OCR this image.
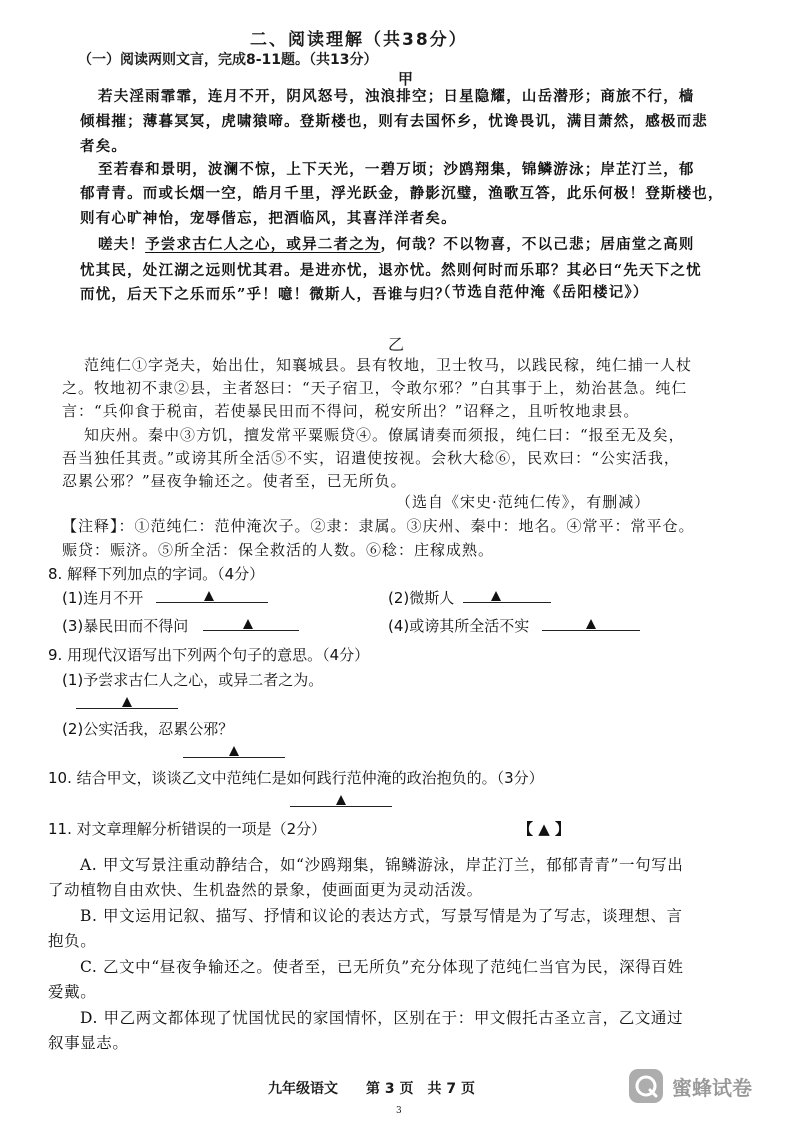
二、阅读理解（共38分）
（一）阅读两则文言，完成8-11题。（共13分）
甲
若夫淫雨霏霏，连月不开，阴风怒号，浊浪排空；日星隐耀，山岳潜形；商旅不行，樯
倾楫摧；薄暮冥冥，虎啸猿啼。登斯楼也，则有去国怀乡，忧谗畏讥，满目萧然，感极而悲
者矣。
至若春和景明，波澜不惊，上下天光，一碧万顷；沙鸥翔集，锦鳞游泳；岸芷汀兰，郁
郁青青。而或长烟一空，皓月千里，浮光跃金，静影沉璧，渔歌互答，此乐何极！登斯楼也，
则有心旷神怡，宠辱偕忘，把酒临风，其喜洋洋者矣。
嗟夫！予尝求古仁人之心，或异二者之为，何哉？不以物喜，不以己悲；居庙堂之高则
忧其民，处江湖之远则忧其君。是进亦忧，退亦忧。然则何时而乐耶？其必曰“先天下之忧
而忧，后天下之乐而乐”乎！噫！微斯人，吾谁与归？
（节选自范仲淹《岳阳楼记》）
乙
范纯仁①字尧夫，始出仕，知襄城县。县有牧地，卫士牧马，以践民稼，纯仁捕一人杖
之。牧地初不隶②县，主者怒曰：“天子宿卫，令敢尔邪？”白其事于上，劾治甚急。纯仁
言：“兵仰食于税亩，若使暴民田而不得问，税安所出？”诏释之，且听牧地隶县。
知庆州。秦中③方饥，擅发常平粟赈贷④。僚属请奏而须报，纯仁曰：“报至无及矣，
吾当独任其责。”或谤其所全活⑤不实，诏遣使按视。会秋大稔⑥，民欢曰：“公实活我，
忍累公邪？”昼夜争输还之。使者至，已无所负。
（选自《宋史·范纯仁传》，有删减）
【注释】：①范纯仁：范仲淹次子。②隶：隶属。③庆州、秦中：地名。④常平：常平仓。
赈贷：赈济。⑤所全活：保全救活的人数。⑥稔：庄稼成熟。
8. 解释下列加点的字词。（4分）
(1)连月不开	(2)微斯人
(3)暴民田而不得问	(4)或谤其所全活不实
9. 用现代汉语写出下列两个句子的意思。（4分）
(1)予尝求古仁人之心，或异二者之为。

(2)公实活我，忍累公邪？

10. 结合甲文，谈谈乙文中范纯仁是如何践行范仲淹的政治抱负的。（3分）
11. 对文章理解分析错误的一项是（2分）	【 ▲ 】
A. 甲文写景注重动静结合，如“沙鸥翔集，锦鳞游泳，岸芷汀兰，郁郁青青”一句写出
了动植物自由欢快、生机盎然的景象，使画面更为灵动活泼。
B. 甲文运用记叙、描写、抒情和议论的表达方式，写景写情是为了写志，谈理想、言
抱负。
C. 乙文中“昼夜争输还之。使者至，已无所负”充分体现了范纯仁当官为民，深得百姓
爱戴。
D. 甲乙两文都体现了忧国忧民的家国情怀，区别在于：甲文假托古圣立言，乙文通过
叙事显志。
九年级语文　　第 3 页　共 7 页
3
蜜蜂试卷
